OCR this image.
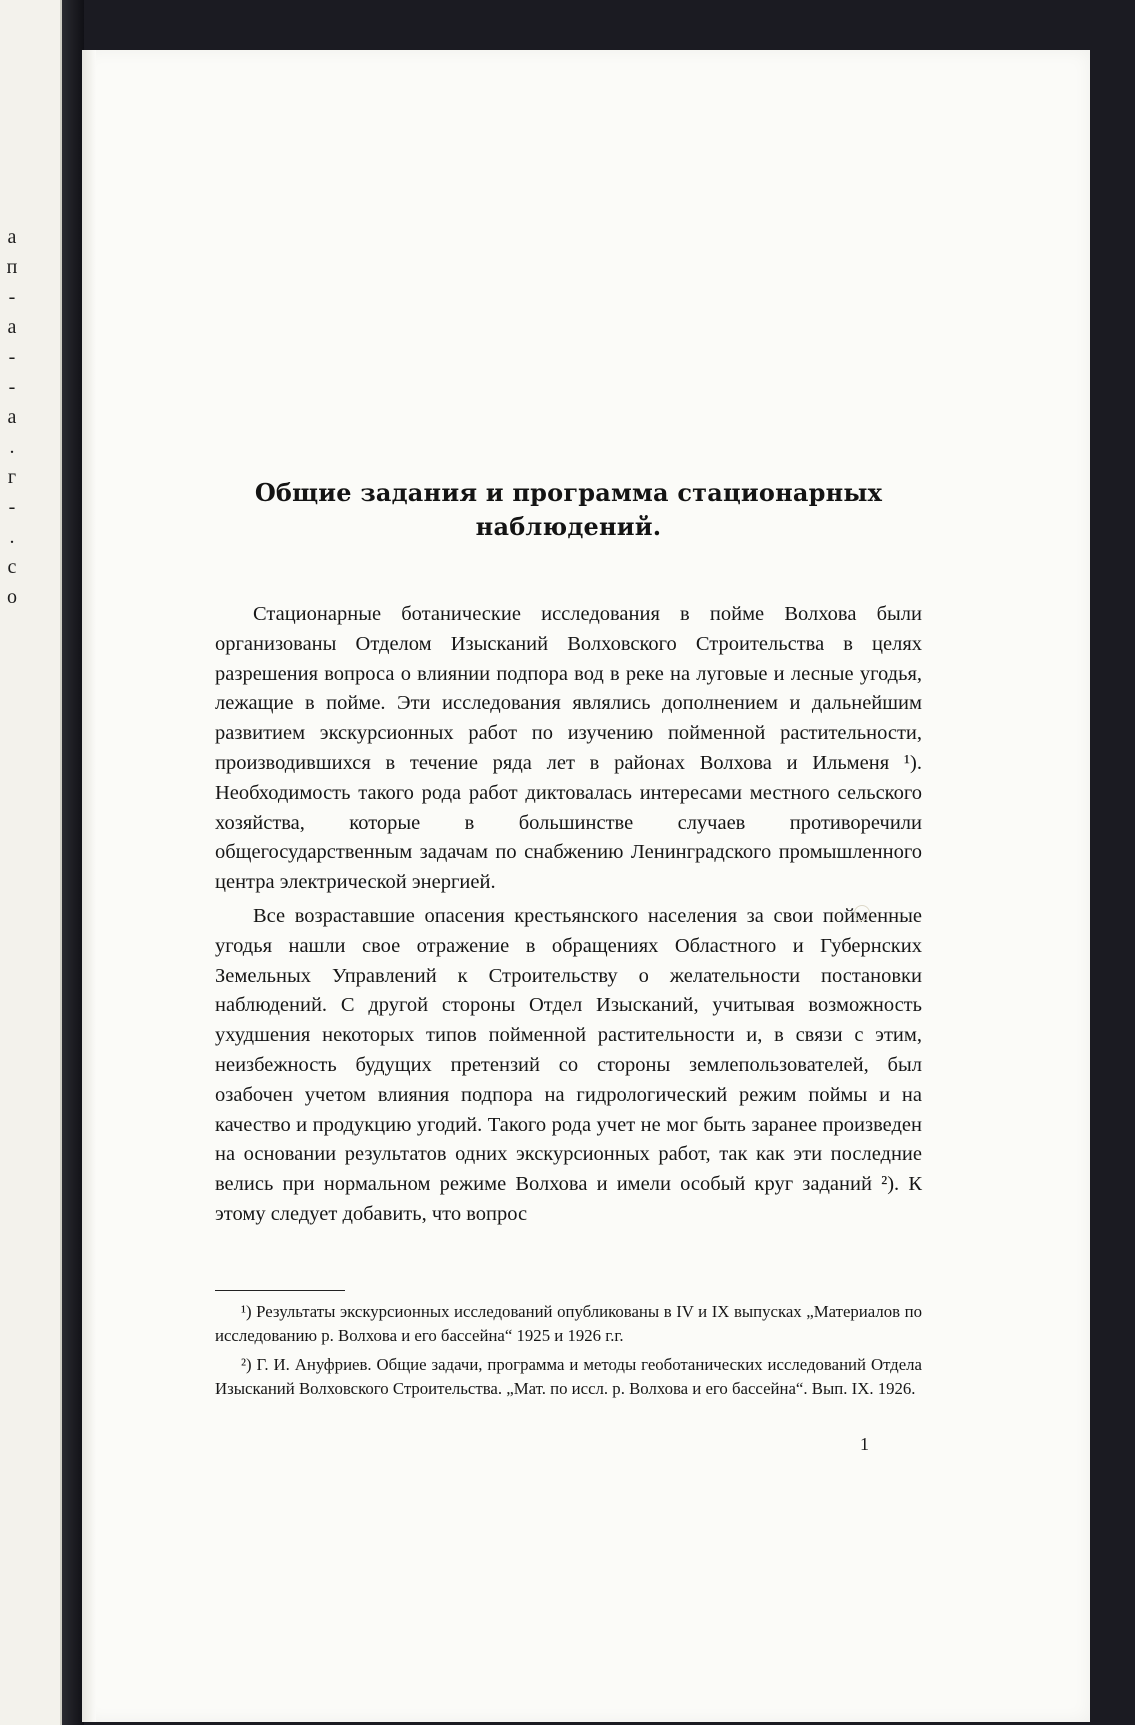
а
п
-
а
-
-
а
.
г
-
.
с
о
Общие задания и программа стационарных наблюдений.

Стационарные ботанические исследования в пойме Волхова были организованы Отделом Изысканий Волховского Строительства в целях разрешения вопроса о влиянии подпора вод в реке на луговые и лесные угодья, лежащие в пойме. Эти исследования являлись дополнением и дальнейшим развитием экскурсионных работ по изучению пойменной растительности, производившихся в течение ряда лет в районах Волхова и Ильменя ¹). Необходимость такого рода работ диктовалась интересами местного сельского хозяйства, которые в большинстве случаев противоречили общегосударственным задачам по снабжению Ленинградского промышленного центра электрической энергией.

Все возраставшие опасения крестьянского населения за свои пойменные угодья нашли свое отражение в обращениях Областного и Губернских Земельных Управлений к Строительству о желательности постановки наблюдений. С другой стороны Отдел Изысканий, учитывая возможность ухудшения некоторых типов пойменной растительности и, в связи с этим, неизбежность будущих претензий со стороны землепользователей, был озабочен учетом влияния подпора на гидрологический режим поймы и на качество и продукцию угодий. Такого рода учет не мог быть заранее произведен на основании результатов одних экскурсионных работ, так как эти последние велись при нормальном режиме Волхова и имели особый круг заданий ²). К этому следует добавить, что вопрос

¹) Результаты экскурсионных исследований опубликованы в IV и IX выпусках „Материалов по исследованию р. Волхова и его бассейна“ 1925 и 1926 г.г.

²) Г. И. Ануфриев. Общие задачи, программа и методы геоботанических исследований Отдела Изысканий Волховского Строительства. „Мат. по иссл. р. Волхова и его бассейна“. Вып. IX. 1926.

1
